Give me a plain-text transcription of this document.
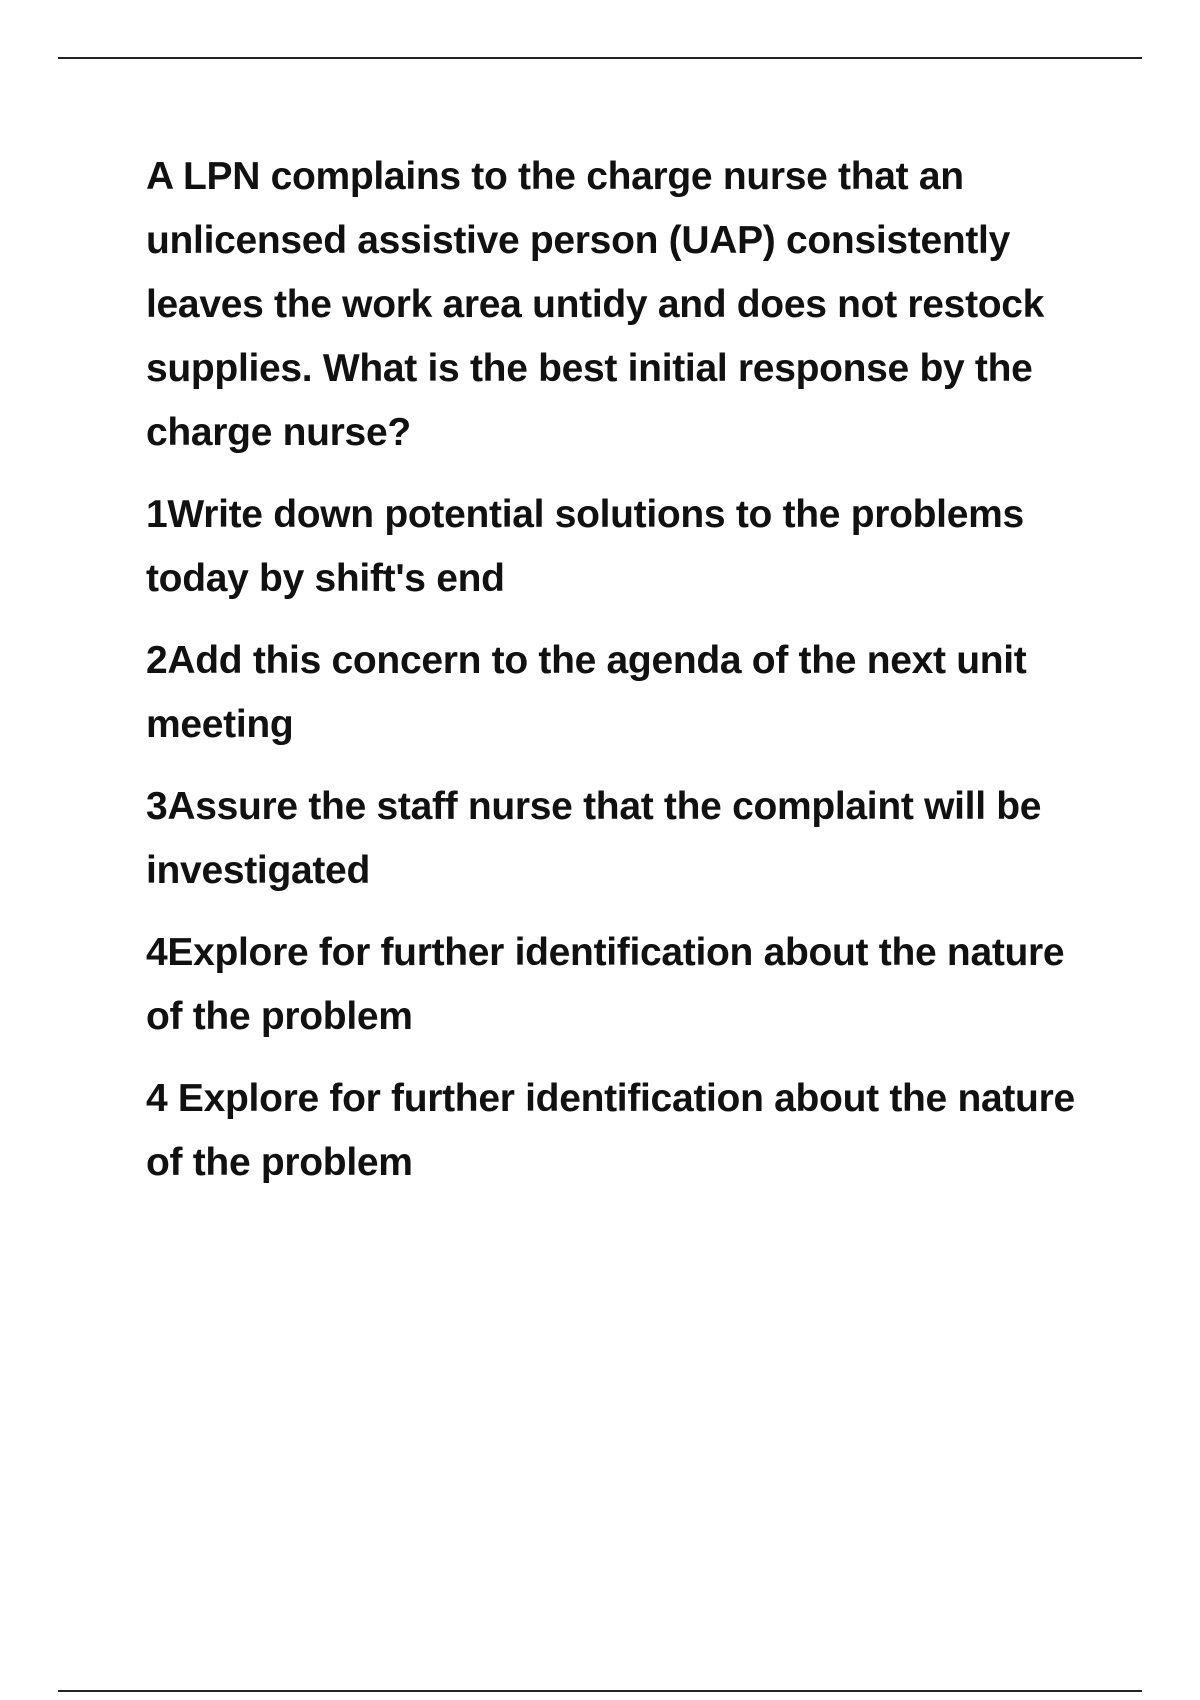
A LPN complains to the charge nurse that an unlicensed assistive person (UAP) consistently leaves the work area untidy and does not restock supplies. What is the best initial response by the charge nurse?

1Write down potential solutions to the problems today by shift's end

2Add this concern to the agenda of the next unit meeting

3Assure the staff nurse that the complaint will be investigated

4Explore for further identification about the nature of the problem

4 Explore for further identification about the nature of the problem
